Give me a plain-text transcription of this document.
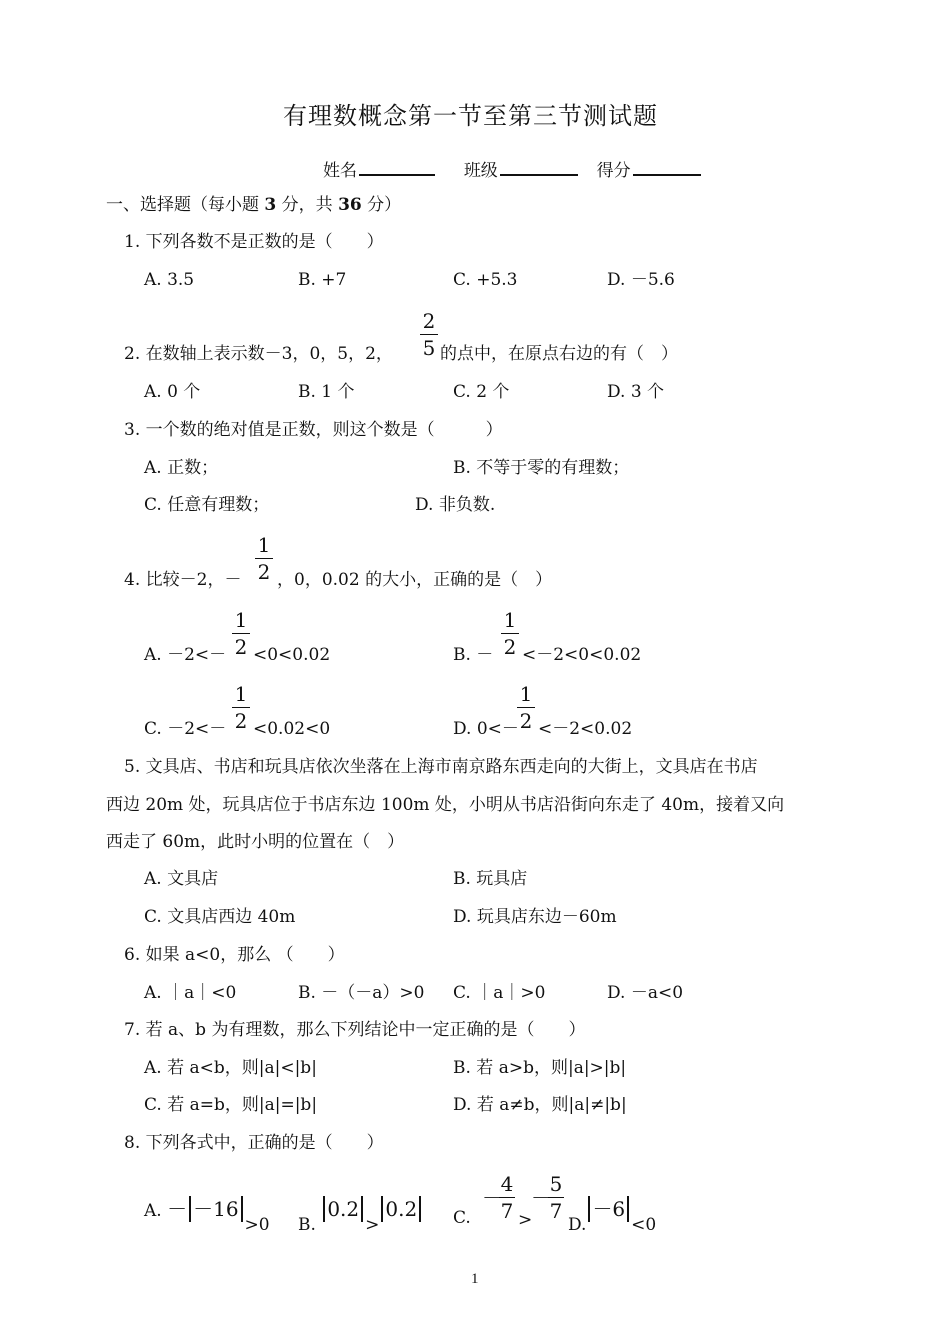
有理数概念第一节至第三节测试题
姓名	班级	得分
一、选择题（每小题 3 分，共 36 分）
1. 下列各数不是正数的是（　　）
A. 3.5	B. +7	C. +5.3	D. －5.6
2. 在数轴上表示数－3，0，5，2，
2
5 的点中，在原点右边的有（　）
A. 0 个	B. 1 个	C. 2 个	D. 3 个
3. 一个数的绝对值是正数，则这个数是（　　　）
A. 正数；	B. 不等于零的有理数；
C. 任意有理数；	D. 非负数.
4. 比较－2，－
1
2 ，0，0.02 的大小，正确的是（　）
A. －2<－
1
2 <0<0.02	B. －
1
2 <－2<0<0.02
C. －2<－
1
2 <0.02<0	D. 0<－
1
2 <－2<0.02
5. 文具店、书店和玩具店依次坐落在上海市南京路东西走向的大街上，文具店在书店
西边 20m 处，玩具店位于书店东边 100m 处，小明从书店沿街向东走了 40m，接着又向
西走了 60m，此时小明的位置在（　）
A. 文具店	B. 玩具店
C. 文具店西边 40m	D. 玩具店东边－60m
6. 如果 a<0，那么 （　　）
A. ｜a｜<0	B. －（－a）>0 C. ｜a｜>0	D. －a<0
7. 若 a、b 为有理数，那么下列结论中一定正确的是（　　）
A. 若 a<b，则|a|<|b|	B. 若 a>b，则|a|>|b|
C. 若 a=b，则|a|=|b|	D. 若 a≠b，则|a|≠|b|
8. 下列各式中，正确的是（　　）
A. － －16>0 B. 0.2>0.2	C.
－
4
7 >
－
5
7
D.－6<0
1
